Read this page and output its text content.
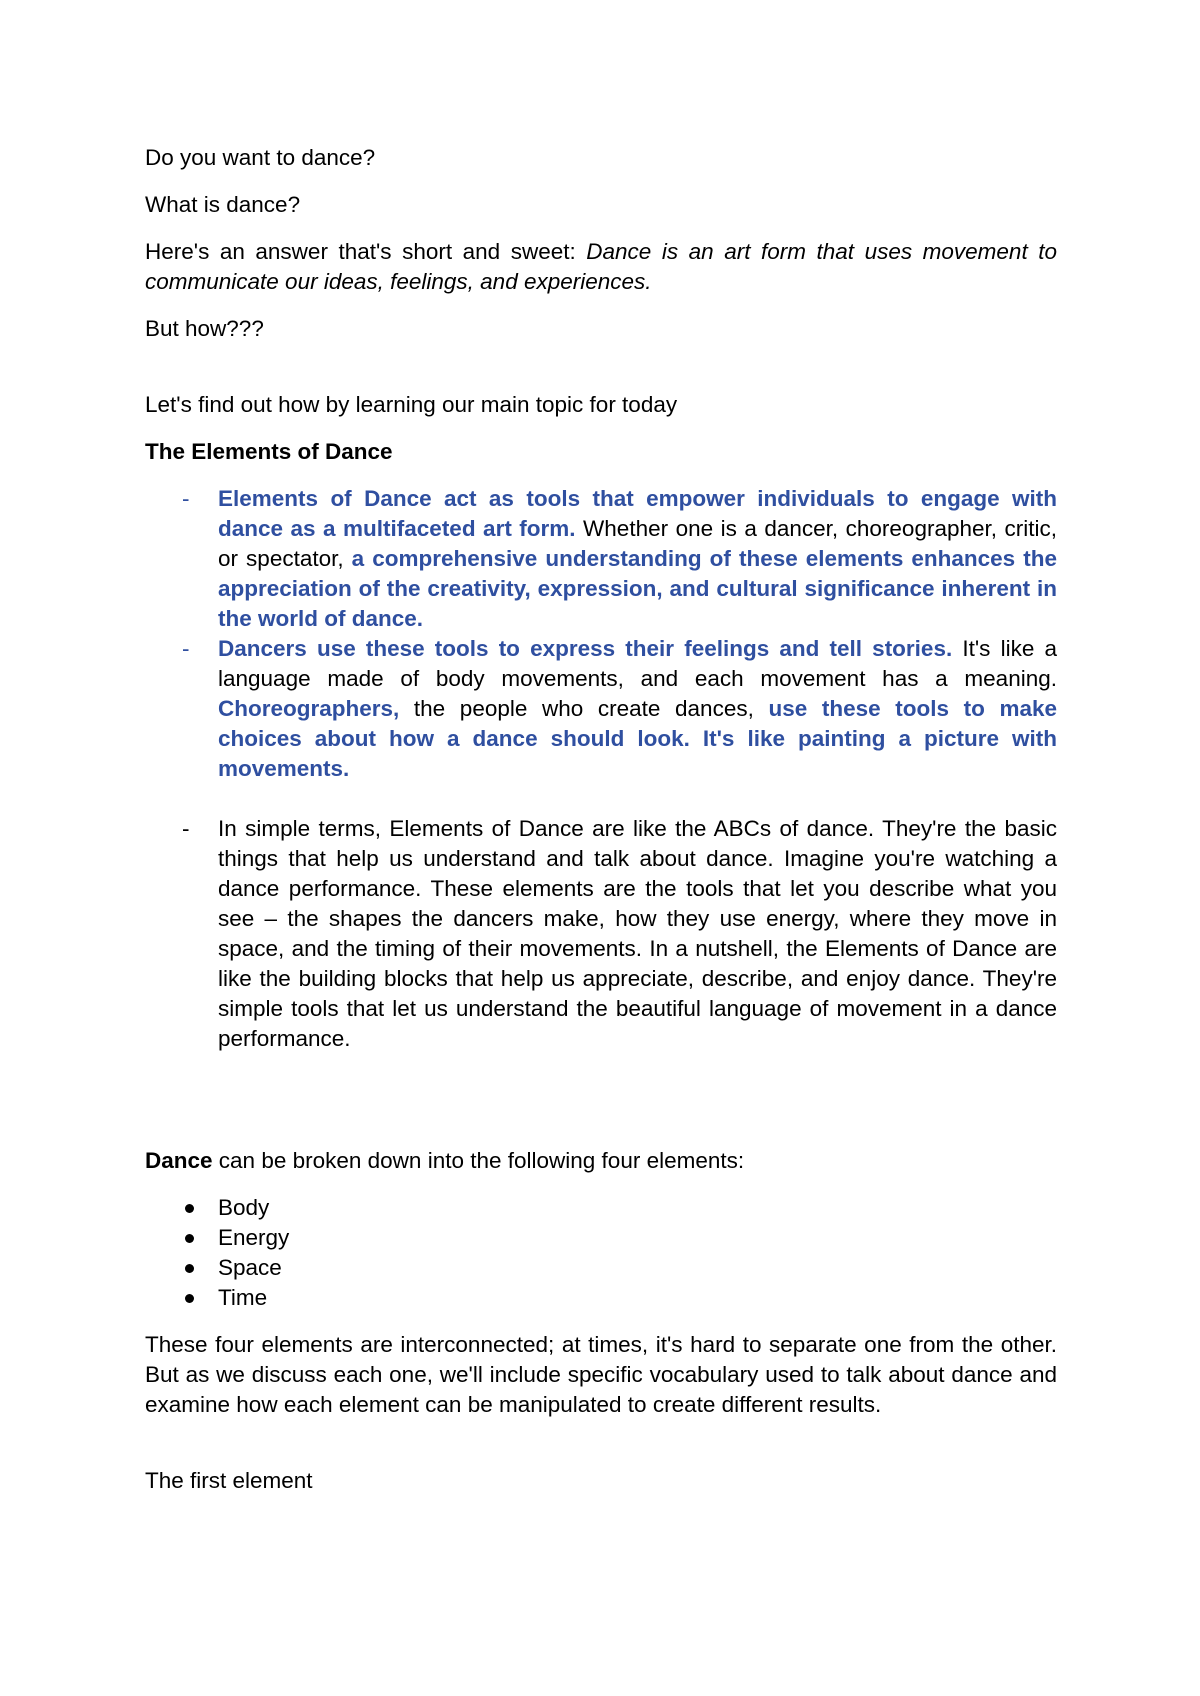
Do you want to dance?

What is dance?

Here's an answer that's short and sweet: Dance is an art form that uses movement to communicate our ideas, feelings, and experiences.

But how???

Let's find out how by learning our main topic for today

The Elements of Dance

- Elements of Dance act as tools that empower individuals to engage with dance as a multifaceted art form. Whether one is a dancer, choreographer, critic, or spectator, a comprehensive understanding of these elements enhances the appreciation of the creativity, expression, and cultural significance inherent in the world of dance.
- Dancers use these tools to express their feelings and tell stories. It's like a language made of body movements, and each movement has a meaning. Choreographers, the people who create dances, use these tools to make choices about how a dance should look. It's like painting a picture with movements.
- In simple terms, Elements of Dance are like the ABCs of dance. They're the basic things that help us understand and talk about dance. Imagine you're watching a dance performance. These elements are the tools that let you describe what you see – the shapes the dancers make, how they use energy, where they move in space, and the timing of their movements. In a nutshell, the Elements of Dance are like the building blocks that help us appreciate, describe, and enjoy dance. They're simple tools that let us understand the beautiful language of movement in a dance performance.

Dance can be broken down into the following four elements:

Body
Energy
Space
Time

These four elements are interconnected; at times, it's hard to separate one from the other. But as we discuss each one, we'll include specific vocabulary used to talk about dance and examine how each element can be manipulated to create different results.

The first element
